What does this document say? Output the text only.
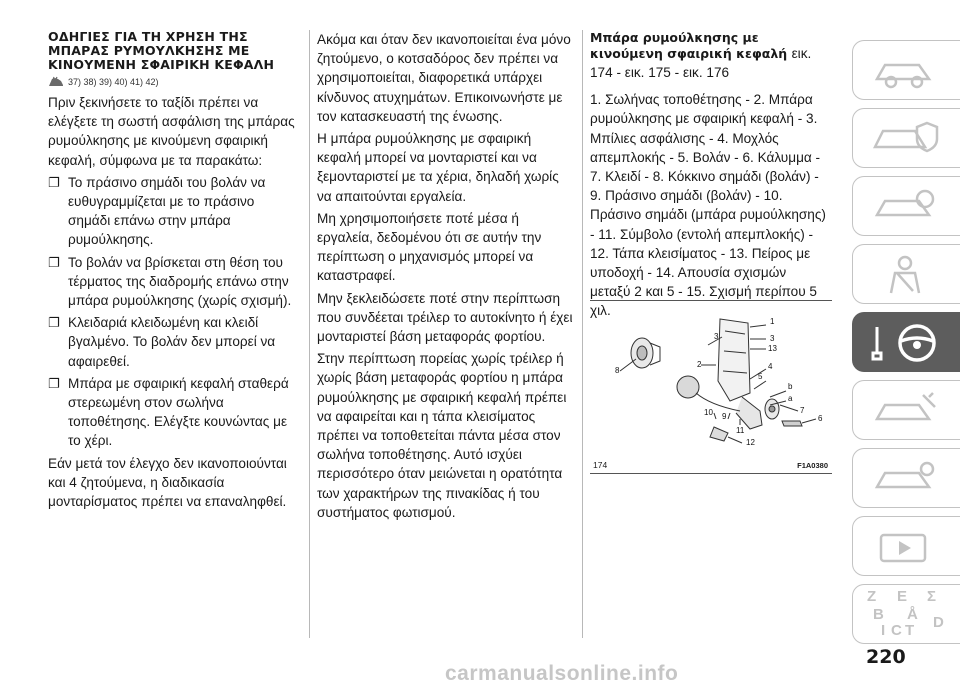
ΟΔΗΓΙΕΣ ΓΙΑ ΤΗ ΧΡΗΣΗ ΤΗΣ
ΜΠΑΡΑΣ ΡΥΜΟΥΛΚΗΣΗΣ ΜΕ
ΚΙΝΟΥΜΕΝΗ ΣΦΑΙΡΙΚΗ ΚΕΦΑΛΗ
37) 38) 39) 40) 41) 42)

Πριν ξεκινήσετε το ταξίδι πρέπει να ελέγξετε τη σωστή ασφάλιση της μπάρας ρυμούλκησης με κινούμενη σφαιρική κεφαλή, σύμφωνα με τα παρακάτω:

❐ Το πράσινο σημάδι του βολάν να ευθυγραμμίζεται με το πράσινο σημάδι επάνω στην μπάρα ρυμούλκησης.
❐ Το βολάν να βρίσκεται στη θέση του τέρματος της διαδρομής επάνω στην μπάρα ρυμούλκησης (χωρίς σχισμή).
❐ Κλειδαριά κλειδωμένη και κλειδί βγαλμένο. Το βολάν δεν μπορεί να αφαιρεθεί.
❐ Μπάρα με σφαιρική κεφαλή σταθερά στερεωμένη στον σωλήνα τοποθέτησης. Ελέγξτε κουνώντας με το χέρι.

Εάν μετά τον έλεγχο δεν ικανοποιούνται και 4 ζητούμενα, η διαδικασία μονταρίσματος πρέπει να επαναληφθεί.

Ακόμα και όταν δεν ικανοποιείται ένα μόνο ζητούμενο, ο κοτσαδόρος δεν πρέπει να χρησιμοποιείται, διαφορετικά υπάρχει κίνδυνος ατυχημάτων. Επικοινωνήστε με τον κατασκευαστή της ένωσης.

Η μπάρα ρυμούλκησης με σφαιρική κεφαλή μπορεί να μονταριστεί και να ξεμονταριστεί με τα χέρια, δηλαδή χωρίς να απαιτούνται εργαλεία.

Μη χρησιμοποιήσετε ποτέ μέσα ή εργαλεία, δεδομένου ότι σε αυτήν την περίπτωση ο μηχανισμός μπορεί να καταστραφεί.

Μην ξεκλειδώσετε ποτέ στην περίπτωση που συνδέεται τρέιλερ το αυτοκίνητο ή έχει μονταριστεί βάση μεταφοράς φορτίου.

Στην περίπτωση πορείας χωρίς τρέιλερ ή χωρίς βάση μεταφοράς φορτίου η μπάρα ρυμούλκησης με σφαιρική κεφαλή πρέπει να αφαιρείται και η τάπα κλεισίματος πρέπει να τοποθετείται πάντα μέσα στον σωλήνα τοποθέτησης. Αυτό ισχύει περισσότερο όταν μειώνεται η ορατότητα των χαρακτήρων της πινακίδας ή του συστήματος φωτισμού.

Μπάρα ρυμούλκησης με
κινούμενη σφαιρική κεφαλή εικ.

174 - εικ. 175 - εικ. 176

1. Σωλήνας τοποθέτησης - 2. Μπάρα ρυμούλκησης με σφαιρική κεφαλή - 3. Μπίλιες ασφάλισης - 4. Μοχλός απεμπλοκής - 5. Βολάν - 6. Κάλυμμα - 7. Κλειδί - 8. Κόκκινο σημάδι (βολάν) - 9. Πράσινο σημάδι (βολάν) - 10. Πράσινο σημάδι (μπάρα ρυμούλκησης) - 11. Σύμβολο (εντολή απεμπλοκής) - 12. Τάπα κλεισίματος - 13. Πείρος με υποδοχή - 14. Απουσία σχισμών μεταξύ 2 και 5 - 15. Σχισμή περίπου 5 χιλ.

1
3
3
13
2
8	4
5
b
a
7
6
10 9
11
12
174	F1A0380
Z E Σ
B Å
I C T D
220
carmanualsonline.info
